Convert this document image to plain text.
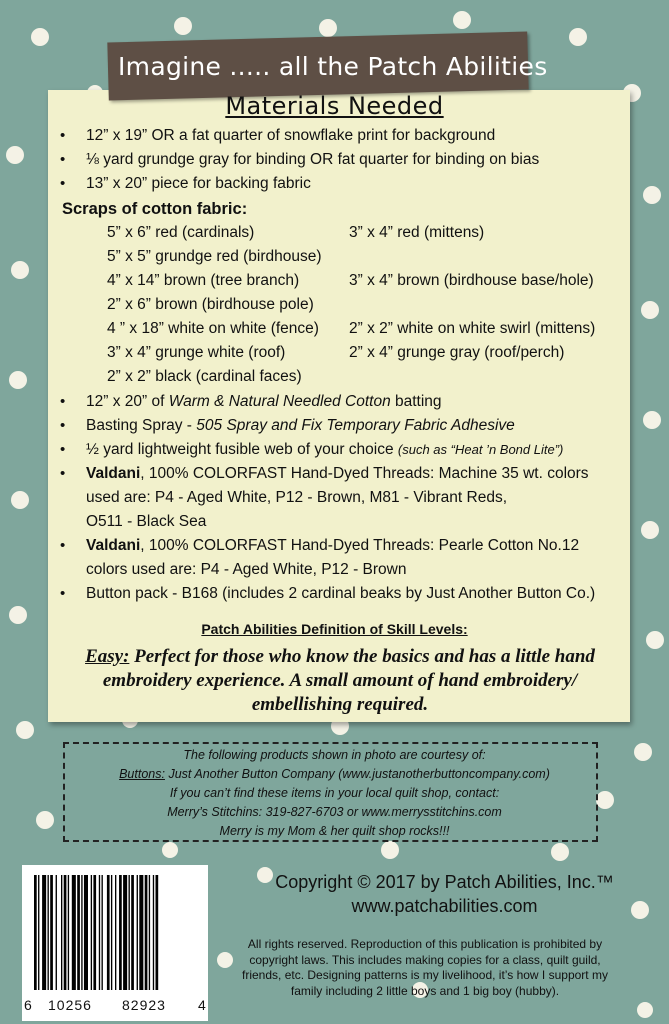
Imagine ..... all the Patch Abilities
Materials Needed
• 12” x 19” OR a fat quarter of snowflake print for background
• ⅛ yard grundge gray for binding OR fat quarter for binding on bias
• 13” x 20” piece for backing fabric
Scraps of cotton fabric:
5” x 6” red (cardinals)	3” x 4” red (mittens)
5” x 5” grundge red (birdhouse)
4” x 14” brown (tree branch)	3” x 4” brown (birdhouse base/hole)
2” x 6” brown (birdhouse pole)
4 ” x 18” white on white (fence) 2” x 2” white on white swirl (mittens)
3” x 4” grunge white (roof)	2” x 4” grunge gray (roof/perch)
2” x 2” black (cardinal faces)
• 12” x 20” of Warm & Natural Needled Cotton batting
• Basting Spray - 505 Spray and Fix Temporary Fabric Adhesive
• ½ yard lightweight fusible web of your choice (such as “Heat ’n Bond Lite”)
• Valdani, 100% COLORFAST Hand-Dyed Threads: Machine 35 wt. colors
used are: P4 - Aged White, P12 - Brown, M81 - Vibrant Reds,
O511 - Black Sea
• Valdani, 100% COLORFAST Hand-Dyed Threads: Pearle Cotton No.12
colors used are: P4 - Aged White, P12 - Brown
• Button pack - B168 (includes 2 cardinal beaks by Just Another Button Co.)
Patch Abilities Definition of Skill Levels:
Easy: Perfect for those who know the basics and has a little hand
embroidery experience. A small amount of hand embroidery/
embellishing required.
The following products shown in photo are courtesy of:
Buttons: Just Another Button Company (www.justanotherbuttoncompany.com)
If you can’t find these items in your local quilt shop, contact:
Merry’s Stitchins: 319-827-6703 or www.merrysstitchins.com
Merry is my Mom & her quilt shop rocks!!!
6 10256 82923 4
Copyright © 2017 by Patch Abilities, Inc.™
www.patchabilities.com
All rights reserved. Reproduction of this publication is prohibited by
copyright laws. This includes making copies for a class, quilt guild,
friends, etc. Designing patterns is my livelihood, it’s how I support my
family including 2 little boys and 1 big boy (hubby).
